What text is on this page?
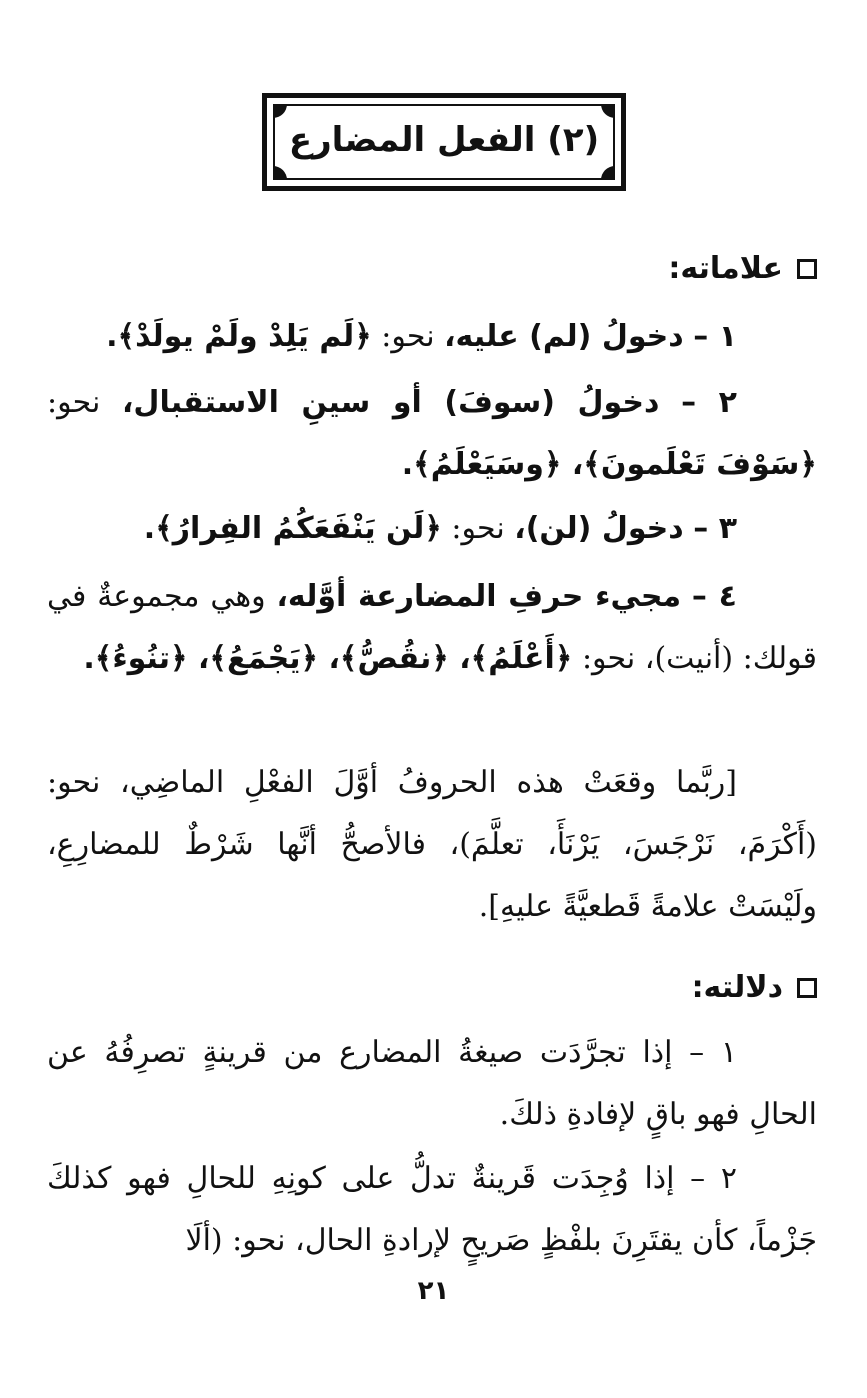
(٢) الفعل المضارع
علاماته:
١ – دخولُ (لم) عليه، نحو: ﴿لَم يَلِدْ ولَمْ يولَدْ﴾.
٢ – دخولُ (سوفَ) أو سينِ الاستقبال، نحو: ﴿سَوْفَ تَعْلَمونَ﴾، ﴿وسَيَعْلَمُ﴾.
٣ – دخولُ (لن)، نحو: ﴿لَن يَنْفَعَكُمُ الفِرارُ﴾.
٤ – مجيء حرفِ المضارعة أوَّله، وهي مجموعةٌ في قولك: (أنيت)، نحو: ﴿أَعْلَمُ﴾، ﴿نقُصُّ﴾، ﴿يَجْمَعُ﴾، ﴿تنُوءُ﴾.
[ربَّما وقعَتْ هذه الحروفُ أوَّلَ الفعْلِ الماضِي، نحو: (أَكْرَمَ، نَرْجَسَ، يَرْنَأَ، تعلَّمَ)، فالأصحُّ أنَّها شَرْطٌ للمضارِعِ، ولَيْسَتْ علامةً قَطعيَّةً عليهِ].
دلالته:
١ – إذا تجرَّدَت صيغةُ المضارع من قرينةٍ تصرِفُهُ عن الحالِ فهو باقٍ لإفادةِ ذلكَ.
٢ – إذا وُجِدَت قَرينةٌ تدلُّ على كونِهِ للحالِ فهو كذلكَ جَزْماً، كأن يقتَرِنَ بلفْظٍ صَريحٍ لإرادةِ الحال، نحو: (ألَا
٢١
